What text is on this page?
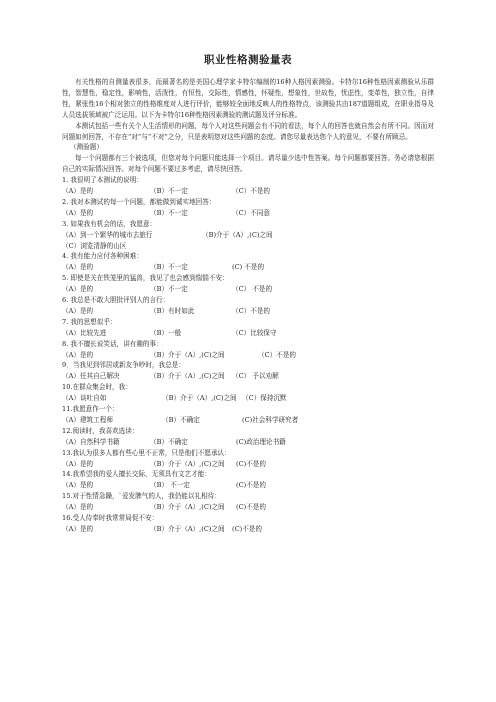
职业性格测验量表

有关性格的自测量表很多，而最著名的是美国心理学家卡特尔编制的16种人格因素测验。卡特尔16种性格因素测验从乐群性，智慧性，稳定性，影响性，活泼性，有恒性，交际性，情感性，怀疑性，想象性，世故性，忧虑性，变革性，独立性，自律性，紧张性16个相对独立的性格维度对人进行评价，能够较全面地反映人的性格特点，该测验共由187道题组成，在职业指导及人员选拔领域被广泛运用。以下为卡特尔16种性格因素测验的测试题及评分标准。

本测试包括一些有关个人生活情形的问题，每个人对这些问题会有不同的看法，每个人的回答也就自然会有所不同。因而对问题如何回答，不存在“对”与“不对”之分，只是表明您对这些问题的态度。请您尽量表达您个人的意见，不要有所顾忌。

（测验题）

每一个问题都有三个被选项，但您对每个问题只能选择一个项目。请尽量少选中性答案。每个问题都要回答。务必请您根据自己的实际情况回答。对每个问题不要过多考虑，请尽快回答。

1. 我很明了本测试的说明：

（A）是的	（B）不一定	（C）不是的

2. 我对本测试的每一个问题，都能做到诚实地回答：

（A）是的	（B）不一定	（C）不同意

3. 如果我有机会的话，我愿意：

（A）到一个繁华的城市去旅行	（B)介于（A）,(C)之间

（C）浏览清静的山区

4. 我有能力应付各种困难：

（A）是的	（B）不一定	(C) 不是的

5. 即使是关在铁笼里的猛兽，我见了也会感到惴惴不安：

（A）是的	（B）不一定	（C） 不是的

6. 我总是不敢大胆批评别人的言行：

（A）是的	（B）有时如此	（C）不是的

7. 我的思想似乎：

（A）比较先进	（B）一般	（C）比较保守

8. 我不擅长说笑话，讲有趣的事：

（A）是的	（B）介于（A）,(C)之间	（C）不是的

9．当我见到邻居或新友争吵时，我总是：

（A）任其自己解决	（B）介于（A）,(C)之间 （C） 予以劝解

10.在群众集会时，我：

（A）谈吐自如	（B）介于（A）,(C)之间 （C）保持沉默

11.我愿意作一个：

（A）建筑工程师	（B）不确定	(C)社会科学研究者

12.阅读时，我喜欢选读：

（A）自然科学书籍	（B）不确定	(C)政治理论书籍

13.我认为很多人都有些心里不正常，只是他们不愿承认：

（A）是的	（B）介于（A）,(C)之间 (C)不是的

14.我希望我的爱人擅长交际，无须具有文艺才能：

（A）是的	（B） 不一定	(C)不是的

15.对于性情急躁，`爱发脾气的人，我仍能以礼相待：

（A）是的	（B）介于（A）,(C)之间 (C)不是的

16.受人侍奉时我常常局促不安：

（A）是的	（B）介于（A）,(C)之间 (C)不是的
